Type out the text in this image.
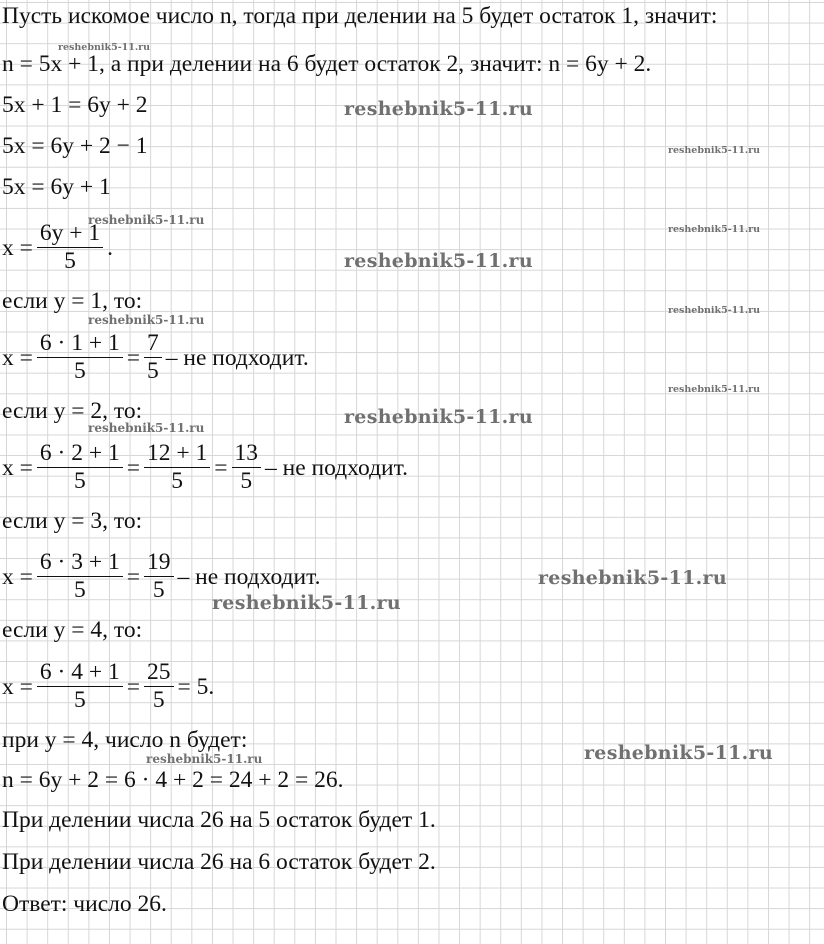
Пусть искомое число n, тогда при делении на 5 будет остаток 1, значит:
n = 5x + 1, а при делении на 6 будет остаток 2, значит: n = 6y + 2.
5x + 1 = 6y + 2
5x = 6y + 2 − 1
5x = 6y + 1
$x = \frac{6y + 1}{5}$ .
если y = 1, то:
$x = \frac{6 \cdot 1 + 1}{5} = \frac{7}{5}$ – не подходит.
если y = 2, то:
$x = \frac{6 \cdot 2 + 1}{5} = \frac{12 + 1}{5} = \frac{13}{5}$ – не подходит.
если y = 3, то:
$x = \frac{6 \cdot 3 + 1}{5} = \frac{19}{5}$ – не подходит.
если y = 4, то:
$x = \frac{6 \cdot 4 + 1}{5} = \frac{25}{5} = 5$.
при y = 4, число n будет:
n = 6y + 2 = 6 · 4 + 2 = 24 + 2 = 26.
При делении числа 26 на 5 остаток будет 1.
При делении числа 26 на 6 остаток будет 2.
Ответ: число 26.
reshebnik5-11.ru
reshebnik5-11.ru
reshebnik5-11.ru
reshebnik5-11.ru
reshebnik5-11.ru
reshebnik5-11.ru
reshebnik5-11.ru
reshebnik5-11.ru
reshebnik5-11.ru
reshebnik5-11.ru
reshebnik5-11.ru
reshebnik5-11.ru
reshebnik5-11.ru
reshebnik5-11.ru
reshebnik5-11.ru
